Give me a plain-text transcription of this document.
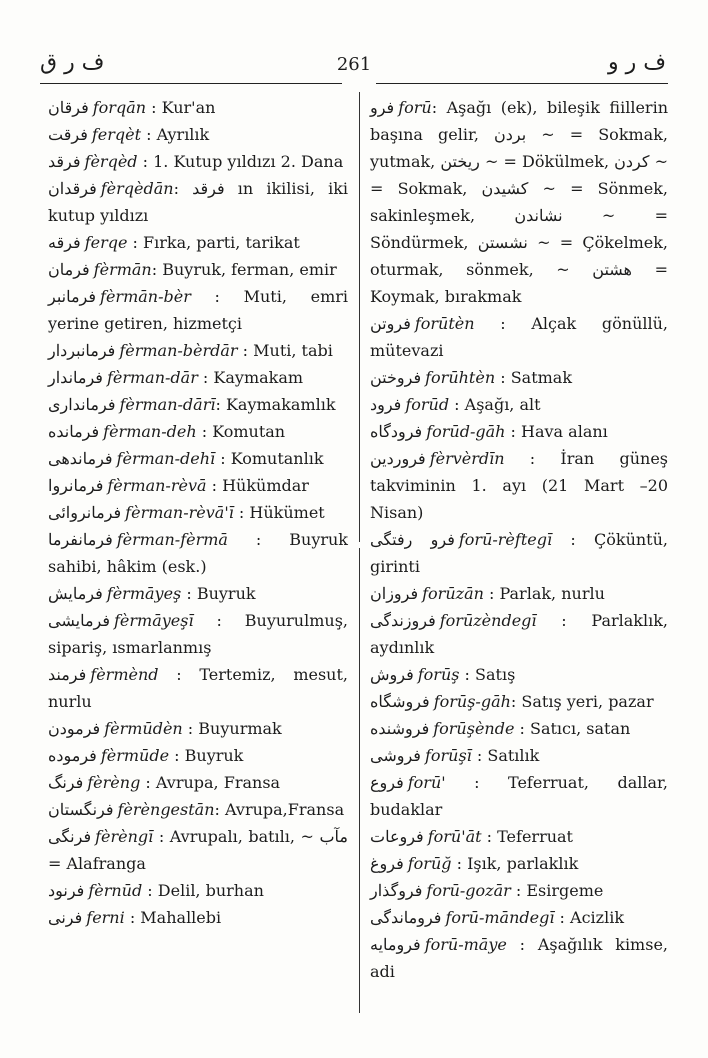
ف ر ق	261	ف ر و
فرقان forqān : Kur'an
فرقت ferqèt : Ayrılık
فرقد fèrqèd : 1. Kutup yıldızı 2. Dana
فرقدان fèrqèdān: فرقد ın ikilisi, iki kutup yıldızı
فرقه ferqe : Fırka, parti, tarikat
فرمان fèrmān: Buyruk, ferman, emir
فرمانبر fèrmān-bèr : Muti, emri yerine getiren, hizmetçi
فرمانبردار fèrman-bèrdār : Muti, tabi
فرماندار fèrman-dār : Kaymakam
فرمانداری fèrman-dārī: Kaymakamlık
فرمانده fèrman-deh : Komutan
فرماندهی fèrman-dehī : Komutanlık
فرمانروا fèrman-rèvā : Hükümdar
فرمانروائی fèrman-rèvā'ī : Hükümet
فرمانفرما fèrman-fèrmā : Buyruk sahibi, hâkim (esk.)
فرمایش fèrmāyeş : Buyruk
فرمایشی fèrmāyeşī : Buyurulmuş, sipariş, ısmarlanmış
فرمند fèrmènd : Tertemiz, mesut, nurlu
فرمودن fèrmūdèn : Buyurmak
فرموده fèrmūde : Buyruk
فرنگ fèrèng : Avrupa, Fransa
فرنگستان fèrèngestān: Avrupa,Fransa
فرنگی fèrèngī : Avrupalı, batılı, ~ مآب = Alafranga
فرنود fèrnūd : Delil, burhan
فرنی ferni : Mahallebi
فرو forū: Aşağı (ek), bileşik fiillerin başına gelir, بردن ~ = Sokmak, yutmak, ریختن ~ = Dökülmek, کردن ~ = Sokmak, کشیدن ~ = Sönmek, sakinleşmek, نشاندن ~ = Söndürmek, نشستن ~ = Çökelmek, oturmak, sönmek, ~ هشتن = Koymak, bırakmak
فروتن forūtèn : Alçak gönüllü, mütevazi
فروختن forūhtèn : Satmak
فرود forūd : Aşağı, alt
فرودگاه forūd-gāh : Hava alanı
فروردین fèrvèrdīn : İran güneş takviminin 1. ayı (21 Mart –20 Nisan)
فرو رفتگی forū-rèftegī : Çöküntü, girinti
فروزان forūzān : Parlak, nurlu
فروزندگی forūzèndegī : Parlaklık, aydınlık
فروش forūş : Satış
فروشگاه forūş-gāh: Satış yeri, pazar
فروشنده forūşènde : Satıcı, satan
فروشی forūşī : Satılık
فروع forū' : Teferruat, dallar, budaklar
فروعات forū'āt : Teferruat
فروغ forūğ : Işık, parlaklık
فروگذار forū-gozār : Esirgeme
فروماندگی forū-māndegī : Acizlik
فرومایه forū-māye : Aşağılık kimse, adi
